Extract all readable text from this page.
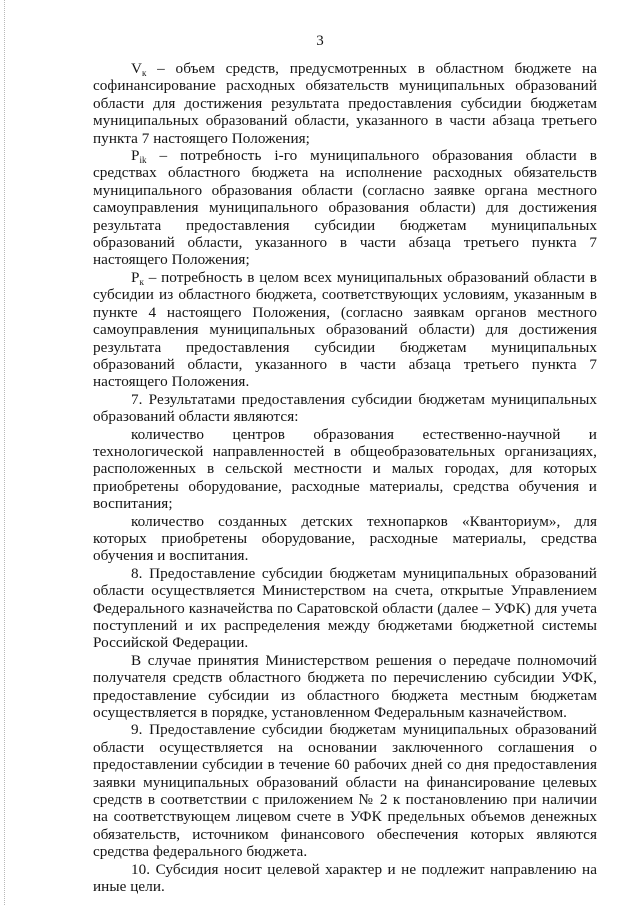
3

$V_к$ – объем средств, предусмотренных в областном бюджете на софинансирование расходных обязательств муниципальных образований области для достижения результата предоставления субсидии бюджетам муниципальных образований области, указанного в части абзаца третьего пункта 7 настоящего Положения;

$P_{ik}$ – потребность i-го муниципального образования области в средствах областного бюджета на исполнение расходных обязательств муниципального образования области (согласно заявке органа местного самоуправления муниципального образования области) для достижения результата предоставления субсидии бюджетам муниципальных образований области, указанного в части абзаца третьего пункта 7 настоящего Положения;

$P_к$ – потребность в целом всех муниципальных образований области в субсидии из областного бюджета, соответствующих условиям, указанным в пункте 4 настоящего Положения, (согласно заявкам органов местного самоуправления муниципальных образований области) для достижения результата предоставления субсидии бюджетам муниципальных образований области, указанного в части абзаца третьего пункта 7 настоящего Положения.

7. Результатами предоставления субсидии бюджетам муниципальных образований области являются:

количество центров образования естественно-научной и технологической направленностей в общеобразовательных организациях, расположенных в сельской местности и малых городах, для которых приобретены оборудование, расходные материалы, средства обучения и воспитания;

количество созданных детских технопарков «Кванториум», для которых приобретены оборудование, расходные материалы, средства обучения и воспитания.

8. Предоставление субсидии бюджетам муниципальных образований области осуществляется Министерством на счета, открытые Управлением Федерального казначейства по Саратовской области (далее – УФК) для учета поступлений и их распределения между бюджетами бюджетной системы Российской Федерации.

В случае принятия Министерством решения о передаче полномочий получателя средств областного бюджета по перечислению субсидии УФК, предоставление субсидии из областного бюджета местным бюджетам осуществляется в порядке, установленном Федеральным казначейством.

9. Предоставление субсидии бюджетам муниципальных образований области осуществляется на основании заключенного соглашения о предоставлении субсидии в течение 60 рабочих дней со дня предоставления заявки муниципальных образований области на финансирование целевых средств в соответствии с приложением № 2 к постановлению при наличии на соответствующем лицевом счете в УФК предельных объемов денежных обязательств, источником финансового обеспечения которых являются средства федерального бюджета.

10. Субсидия носит целевой характер и не подлежит направлению на иные цели.
